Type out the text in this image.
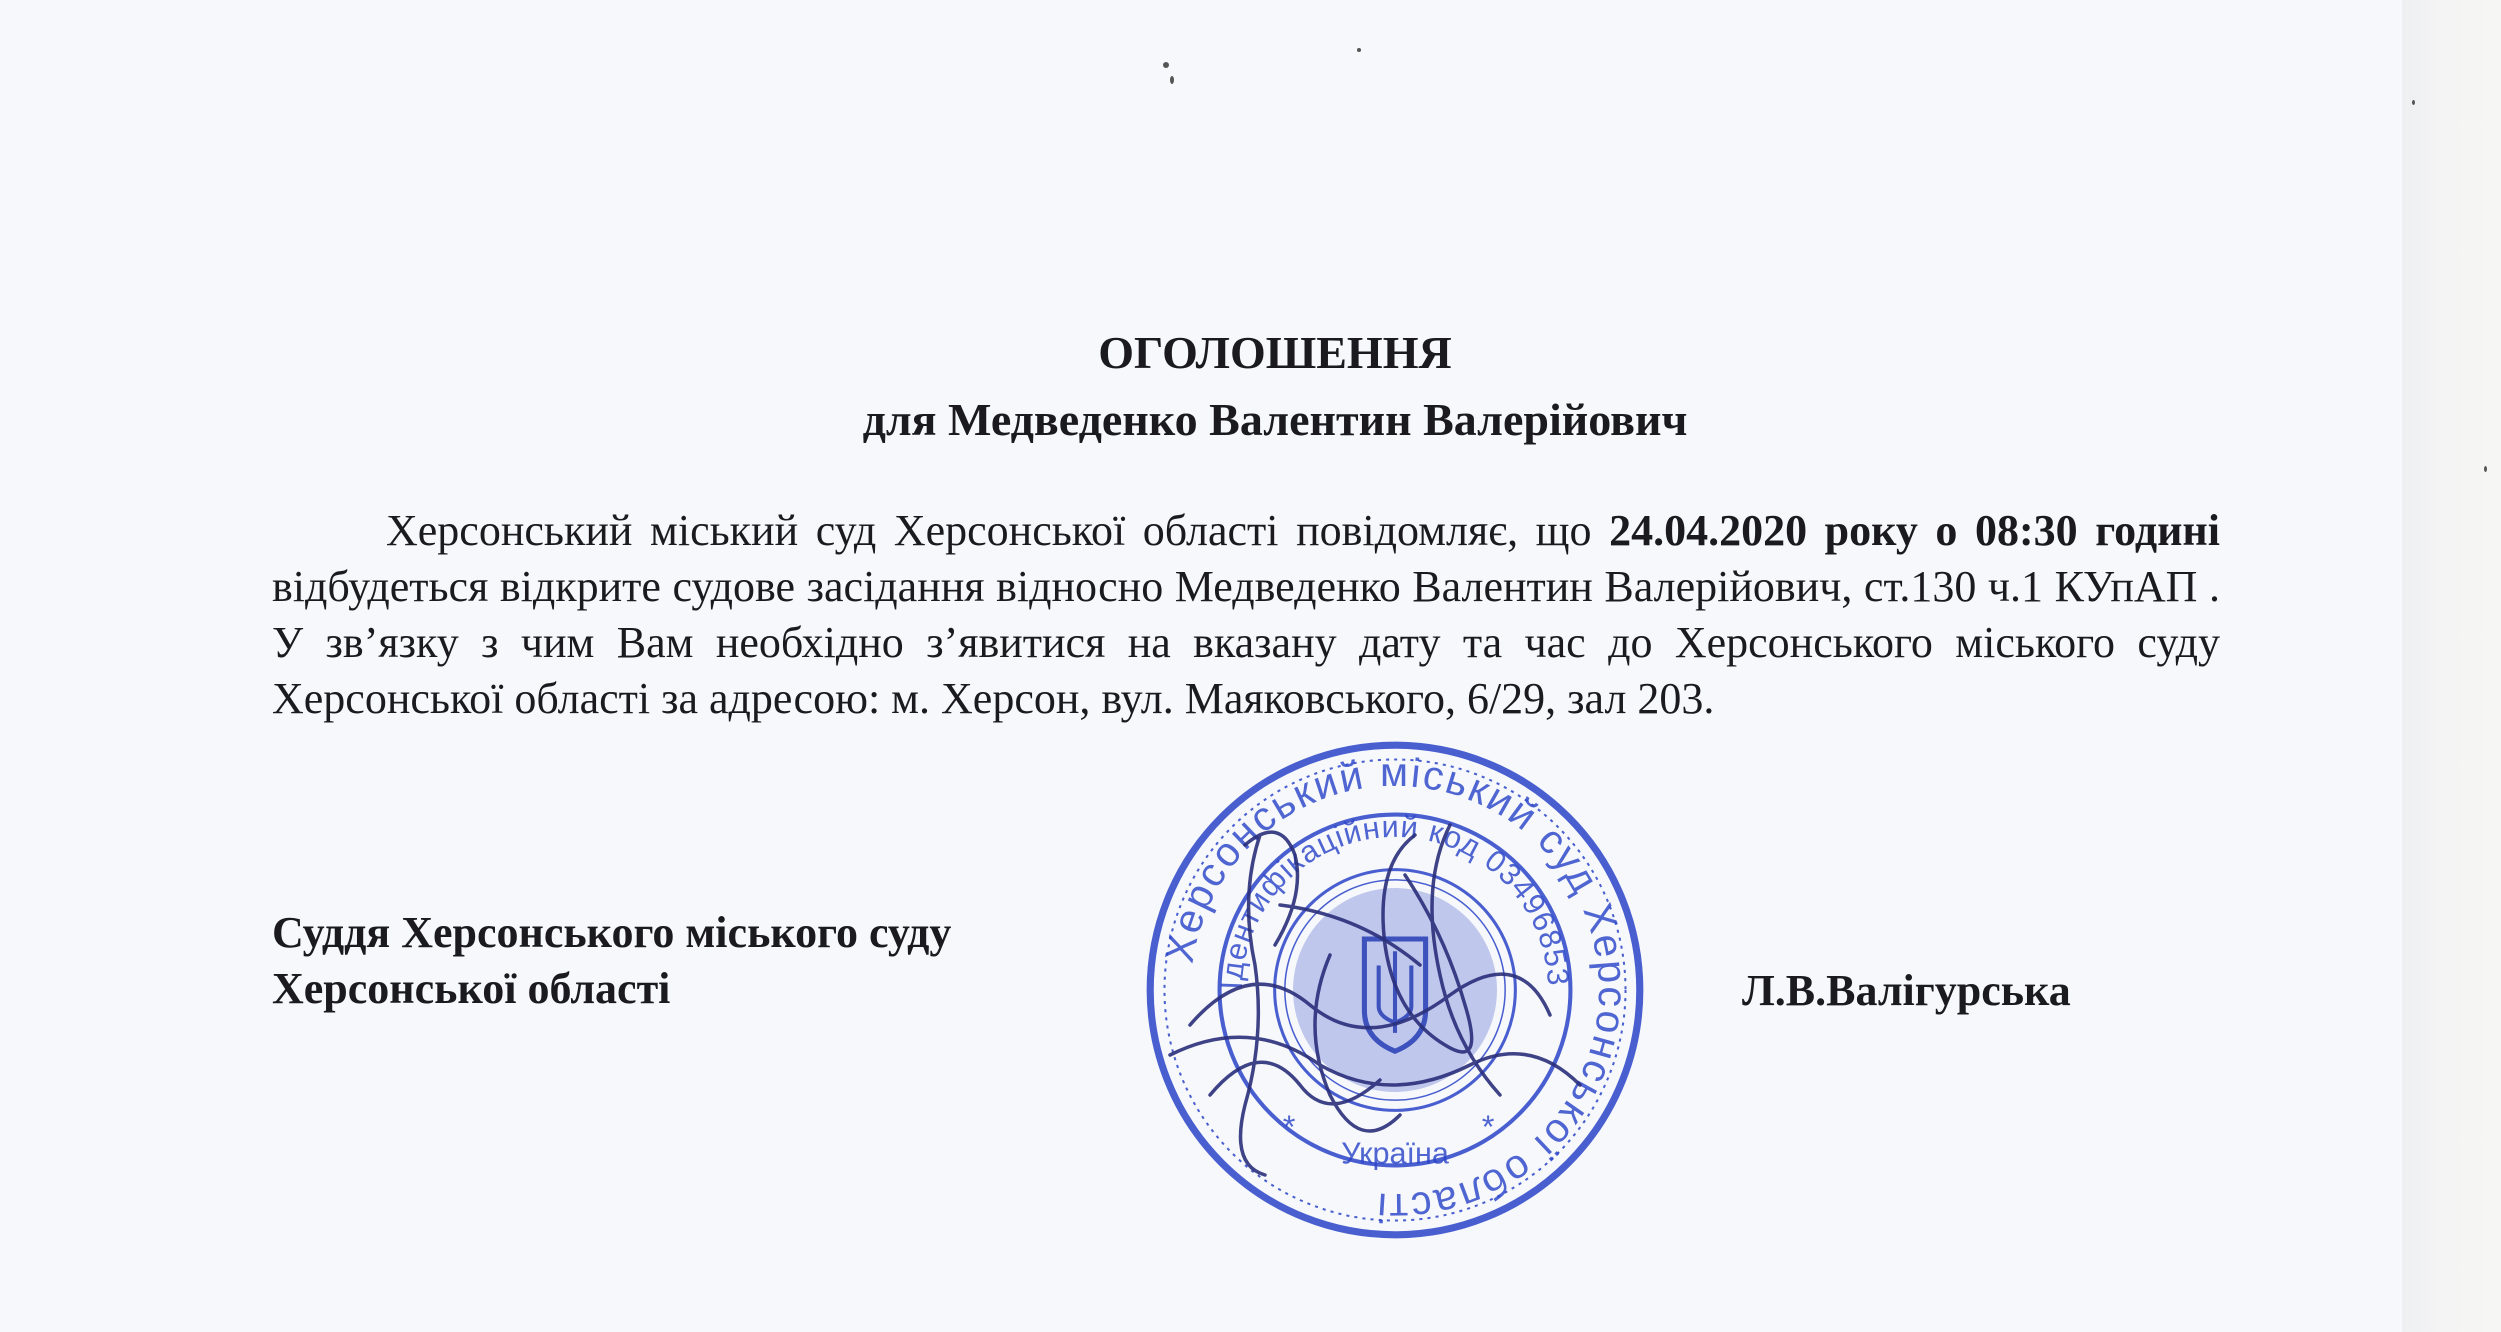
ОГОЛОШЕННЯ
для Медведенко Валентин Валерійович

Херсонський міський суд Херсонської області повідомляє, що 24.04.2020 року о 08:30 годині відбудеться відкрите судове засідання відносно Медведенко Валентин Валерійович, ст.130 ч.1 КУпАП . У зв’язку з чим Вам необхідно з’явитися на вказану дату та час до Херсонського міського суду Херсонської області за адресою: м. Херсон, вул. Маяковського, 6/29, зал 203.

Суддя Херсонського міського суду
Херсонської області	Л.В.Валігурська
Херсонський міський суд Херсонської області
Ідентифікаційний код 03496853
Україна
*	*
